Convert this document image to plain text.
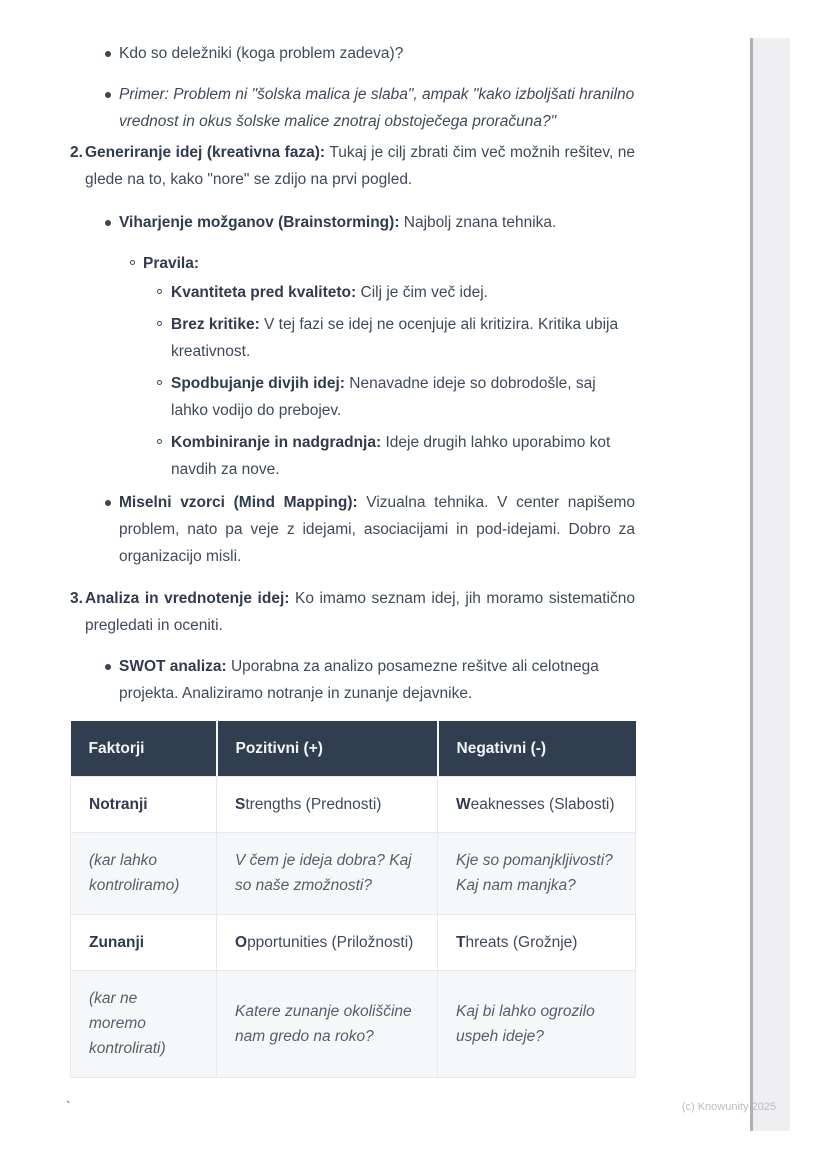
Kdo so deležniki (koga problem zadeva)?
Primer: Problem ni "šolska malica je slaba", ampak "kako izboljšati hranilno vrednost in okus šolske malice znotraj obstoječega proračuna?"
2. Generiranje idej (kreativna faza): Tukaj je cilj zbrati čim več možnih rešitev, ne glede na to, kako "nore" se zdijo na prvi pogled.
Viharjenje možganov (Brainstorming): Najbolj znana tehnika.
Pravila:
Kvantiteta pred kvaliteto: Cilj je čim več idej.
Brez kritike: V tej fazi se idej ne ocenjuje ali kritizira. Kritika ubija kreativnost.
Spodbujanje divjih idej: Nenavadne ideje so dobrodošle, saj lahko vodijo do prebojev.
Kombiniranje in nadgradnja: Ideje drugih lahko uporabimo kot navdih za nove.
Miselni vzorci (Mind Mapping): Vizualna tehnika. V center napišemo problem, nato pa veje z idejami, asociacijami in pod-idejami. Dobro za organizacijo misli.
3. Analiza in vrednotenje idej: Ko imamo seznam idej, jih moramo sistematično pregledati in oceniti.
SWOT analiza: Uporabna za analizo posamezne rešitve ali celotnega projekta. Analiziramo notranje in zunanje dejavnike.
Faktorji	Pozitivni (+)	Negativni (-)
Notranji	Strengths (Prednosti)	Weaknesses (Slabosti)
(kar lahko kontroliramo)	V čem je ideja dobra? Kaj so naše zmožnosti?	Kje so pomanjkljivosti? Kaj nam manjka?
Zunanji	Opportunities (Priložnosti)	Threats (Grožnje)
(kar ne moremo kontrolirati)	Katere zunanje okoliščine nam gredo na roko?	Kaj bi lahko ogrozilo uspeh ideje?
`	(c) Knowunity 2025
